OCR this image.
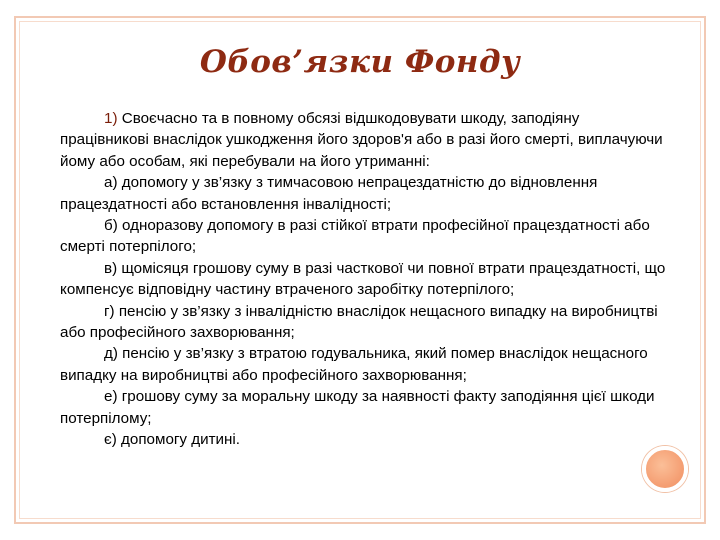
Обов’язки Фонду

1) Своєчасно та в повному обсязі відшкодовувати шкоду, заподіяну працівникові внаслідок ушкодження його здоров'я або в разі його смерті, виплачуючи йому або особам, які перебували на його утриманні:

а) допомогу у зв’язку з тимчасовою непрацездатністю до відновлення працездатності або встановлення інвалідності;

б) одноразову допомогу в разі стійкої втрати професійної працездатності або смерті потерпілого;

в) щомісяця грошову суму в разі часткової чи повної втрати працездатності, що компенсує відповідну частину втраченого заробітку потерпілого;

г) пенсію у зв’язку з інвалідністю внаслідок нещасного випадку на виробництві або професійного захворювання;

д) пенсію у зв’язку з втратою годувальника, який помер внаслідок нещасного випадку на виробництві або професійного захворювання;

е) грошову суму за моральну шкоду за наявності факту заподіяння цієї шкоди потерпілому;

є) допомогу дитині.
